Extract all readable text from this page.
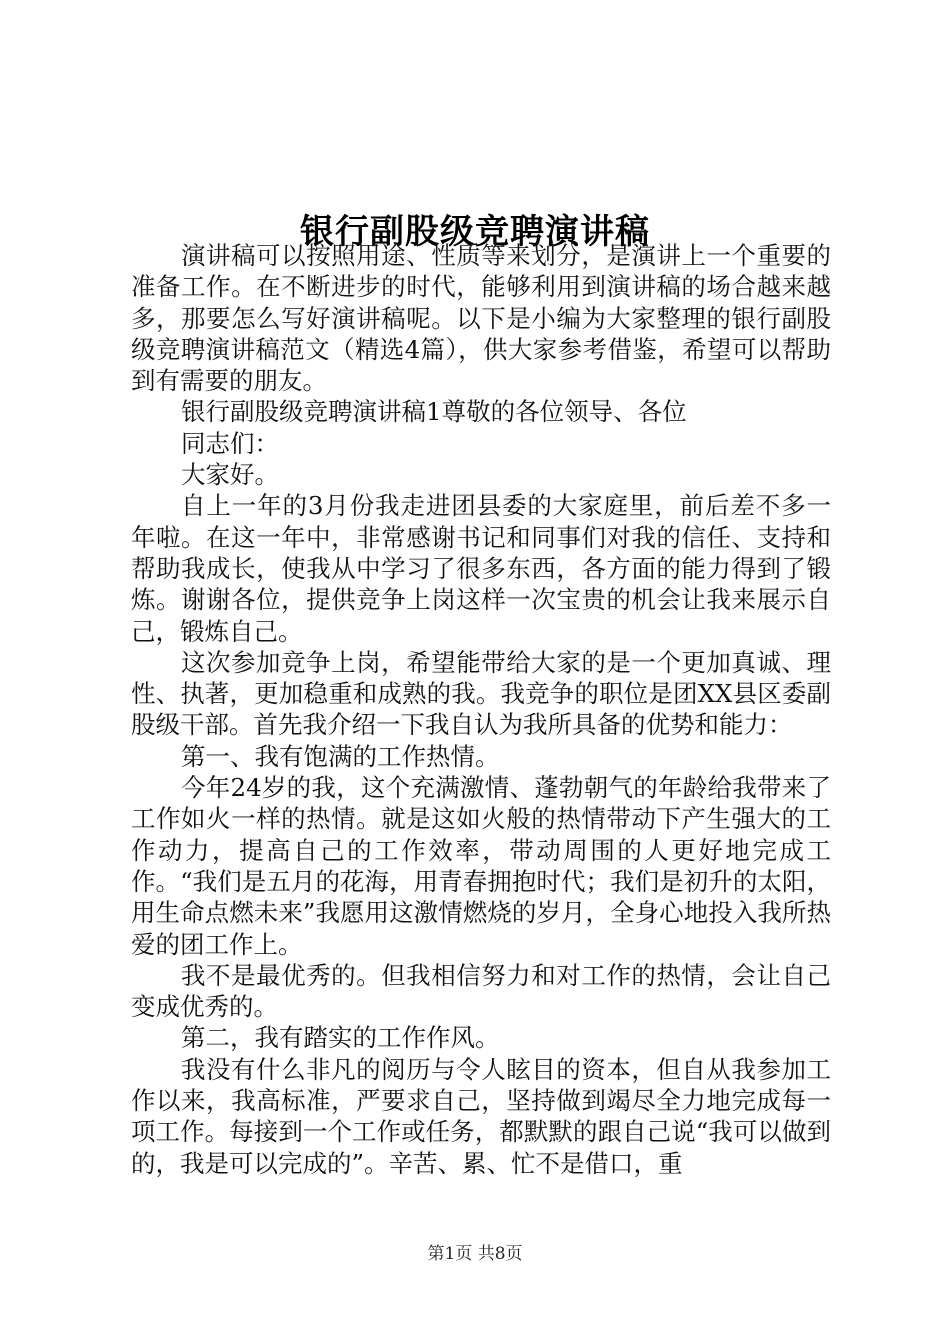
银行副股级竞聘演讲稿

演讲稿可以按照用途、性质等来划分，是演讲上一个重要的准备工作。在不断进步的时代，能够利用到演讲稿的场合越来越多，那要怎么写好演讲稿呢。以下是小编为大家整理的银行副股级竞聘演讲稿范文（精选4篇），供大家参考借鉴，希望可以帮助到有需要的朋友。

银行副股级竞聘演讲稿1尊敬的各位领导、各位

同志们：

大家好。

自上一年的3月份我走进团县委的大家庭里，前后差不多一年啦。在这一年中，非常感谢书记和同事们对我的信任、支持和帮助我成长，使我从中学习了很多东西，各方面的能力得到了锻炼。谢谢各位，提供竞争上岗这样一次宝贵的机会让我来展示自己，锻炼自己。

这次参加竞争上岗，希望能带给大家的是一个更加真诚、理性、执著，更加稳重和成熟的我。我竞争的职位是团XX县区委副股级干部。首先我介绍一下我自认为我所具备的优势和能力：

第一、我有饱满的工作热情。

今年24岁的我，这个充满激情、蓬勃朝气的年龄给我带来了工作如火一样的热情。就是这如火般的热情带动下产生强大的工作动力，提高自己的工作效率，带动周围的人更好地完成工作。“我们是五月的花海，用青春拥抱时代；我们是初升的太阳，用生命点燃未来”我愿用这激情燃烧的岁月，全身心地投入我所热爱的团工作上。

我不是最优秀的。但我相信努力和对工作的热情，会让自己变成优秀的。

第二，我有踏实的工作作风。

我没有什么非凡的阅历与令人眩目的资本，但自从我参加工作以来，我高标准，严要求自己，坚持做到竭尽全力地完成每一项工作。每接到一个工作或任务，都默默的跟自己说“我可以做到的，我是可以完成的”。辛苦、累、忙不是借口，重

第1页 共8页
